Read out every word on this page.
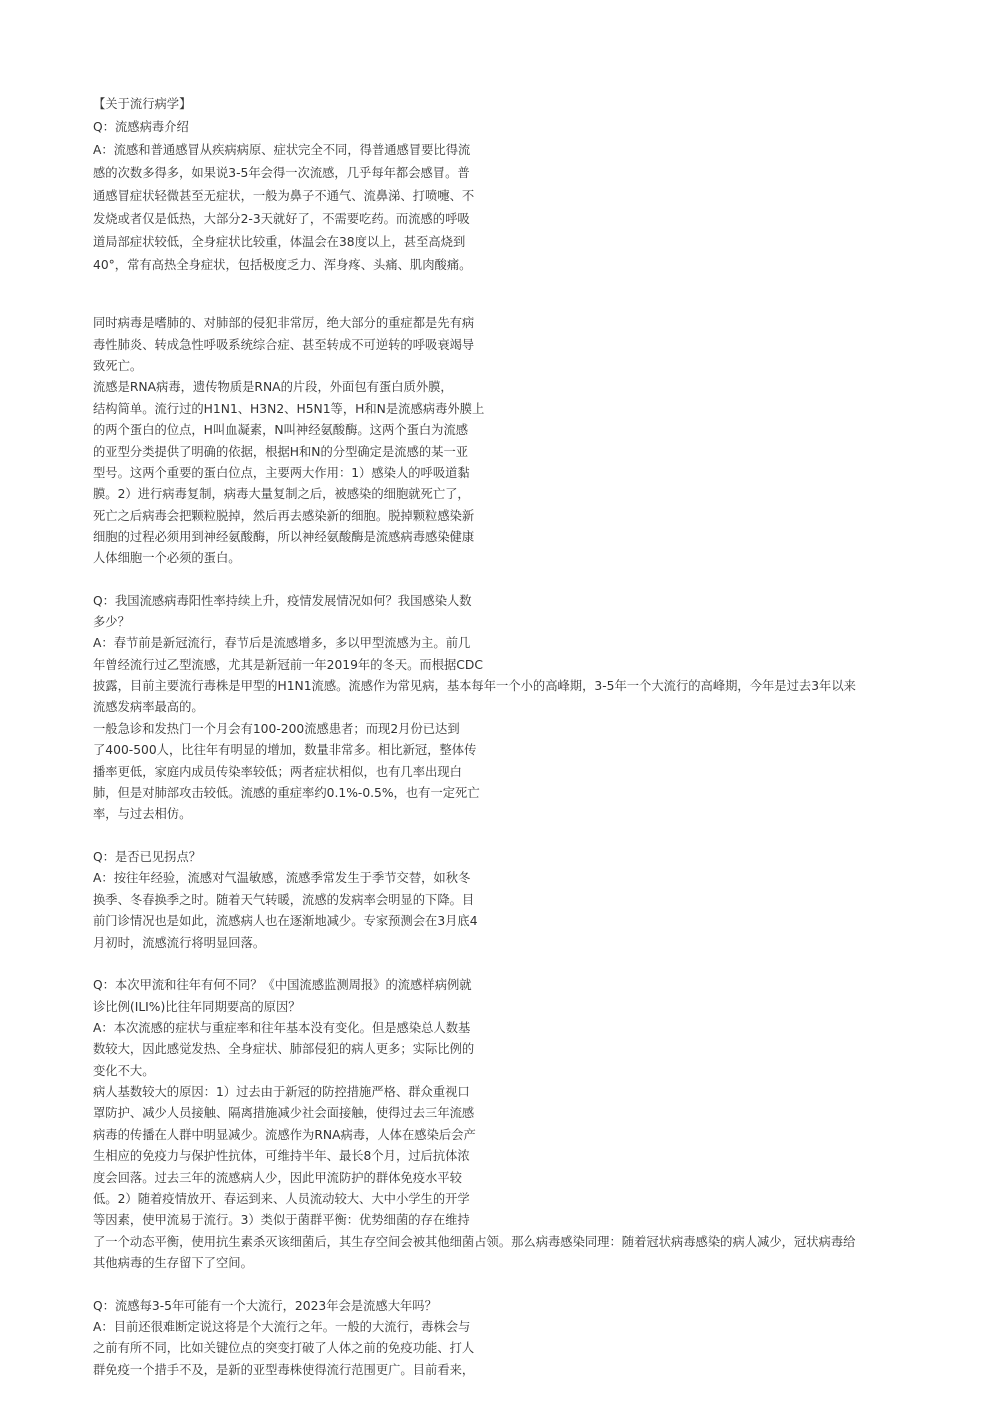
【关于流行病学】
Q：流感病毒介绍
A：流感和普通感冒从疾病病原、症状完全不同，得普通感冒要比得流
感的次数多得多，如果说3-5年会得一次流感，几乎每年都会感冒。普
通感冒症状轻微甚至无症状，一般为鼻子不通气、流鼻涕、打喷嚏、不
发烧或者仅是低热，大部分2-3天就好了，不需要吃药。而流感的呼吸
道局部症状较低，全身症状比较重，体温会在38度以上，甚至高烧到
40°，常有高热全身症状，包括极度乏力、浑身疼、头痛、肌肉酸痛。
同时病毒是嗜肺的、对肺部的侵犯非常厉，绝大部分的重症都是先有病
毒性肺炎、转成急性呼吸系统综合症、甚至转成不可逆转的呼吸衰竭导
致死亡。
流感是RNA病毒，遗传物质是RNA的片段，外面包有蛋白质外膜，
结构简单。流行过的H1N1、H3N2、H5N1等，H和N是流感病毒外膜上
的两个蛋白的位点，H叫血凝素，N叫神经氨酸酶。这两个蛋白为流感
的亚型分类提供了明确的依据，根据H和N的分型确定是流感的某一亚
型号。这两个重要的蛋白位点，主要两大作用：1）感染人的呼吸道黏
膜。2）进行病毒复制，病毒大量复制之后，被感染的细胞就死亡了，
死亡之后病毒会把颗粒脱掉，然后再去感染新的细胞。脱掉颗粒感染新
细胞的过程必须用到神经氨酸酶，所以神经氨酸酶是流感病毒感染健康
人体细胞一个必须的蛋白。
Q：我国流感病毒阳性率持续上升，疫情发展情况如何？我国感染人数
多少？
A：春节前是新冠流行，春节后是流感增多，多以甲型流感为主。前几
年曾经流行过乙型流感，尤其是新冠前一年2019年的冬天。而根据CDC
披露，目前主要流行毒株是甲型的H1N1流感。流感作为常见病，基本每年一个小的高峰期，3-5年一个大流行的高峰期，今年是过去3年以来
流感发病率最高的。
一般急诊和发热门一个月会有100-200流感患者；而现2月份已达到
了400-500人，比往年有明显的增加，数量非常多。相比新冠，整体传
播率更低，家庭内成员传染率较低；两者症状相似，也有几率出现白
肺，但是对肺部攻击较低。流感的重症率约0.1%-0.5%，也有一定死亡
率，与过去相仿。
Q：是否已见拐点？
A：按往年经验，流感对气温敏感，流感季常发生于季节交替，如秋冬
换季、冬春换季之时。随着天气转暖，流感的发病率会明显的下降。目
前门诊情况也是如此，流感病人也在逐渐地减少。专家预测会在3月底4
月初时，流感流行将明显回落。
Q：本次甲流和往年有何不同？《中国流感监测周报》的流感样病例就
诊比例(ILI%)比往年同期要高的原因？
A：本次流感的症状与重症率和往年基本没有变化。但是感染总人数基
数较大，因此感觉发热、全身症状、肺部侵犯的病人更多；实际比例的
变化不大。
病人基数较大的原因：1）过去由于新冠的防控措施严格、群众重视口
罩防护、减少人员接触、隔离措施减少社会面接触，使得过去三年流感
病毒的传播在人群中明显减少。流感作为RNA病毒，人体在感染后会产
生相应的免疫力与保护性抗体，可维持半年、最长8个月，过后抗体浓
度会回落。过去三年的流感病人少，因此甲流防护的群体免疫水平较
低。2）随着疫情放开、春运到来、人员流动较大、大中小学生的开学
等因素，使甲流易于流行。3）类似于菌群平衡：优势细菌的存在维持
了一个动态平衡，使用抗生素杀灭该细菌后，其生存空间会被其他细菌占领。那么病毒感染同理：随着冠状病毒感染的病人减少，冠状病毒给
其他病毒的生存留下了空间。
Q：流感每3-5年可能有一个大流行，2023年会是流感大年吗？
A：目前还很难断定说这将是个大流行之年。一般的大流行，毒株会与
之前有所不同，比如关键位点的突变打破了人体之前的免疫功能、打人
群免疫一个措手不及，是新的亚型毒株使得流行范围更广。目前看来，
